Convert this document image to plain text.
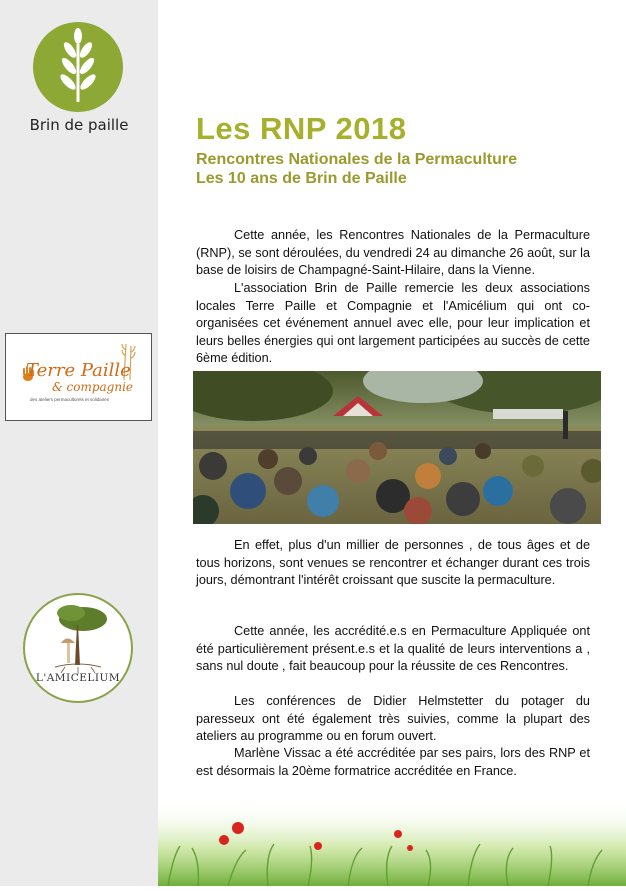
Brin de paille
Terre Paille
& compagnie
des ateliers permaculturels et solidaires
L'AMICELIUM
Les RNP 2018
Rencontres Nationales de la Permaculture
Les 10 ans de Brin de Paille

Cette année, les Rencontres Nationales de la Permaculture (RNP), se sont déroulées, du vendredi 24 au dimanche 26 août, sur la base de loisirs de Champagné-Saint-Hilaire, dans la Vienne.

L'association Brin de Paille remercie les deux associations locales Terre Paille et Compagnie et l'Amicélium qui ont co-organisées cet événement annuel avec elle, pour leur implication et leurs belles énergies qui ont largement participées au succès de cette 6ème édition.

En effet, plus d'un millier de personnes , de tous âges et de tous horizons, sont venues se rencontrer et échanger durant ces trois jours, démontrant l'intérêt croissant que suscite la permaculture.

Cette année, les accrédité.e.s en Permaculture Appliquée ont été particulièrement présent.e.s et la qualité de leurs interventions a , sans nul doute , fait beaucoup pour la réussite de ces Rencontres.

Les conférences de Didier Helmstetter du potager du paresseux ont été également très suivies, comme la plupart des ateliers au programme ou en forum ouvert.

Marlène Vissac a été accréditée par ses pairs, lors des RNP et est désormais la 20ème formatrice accréditée en France.
